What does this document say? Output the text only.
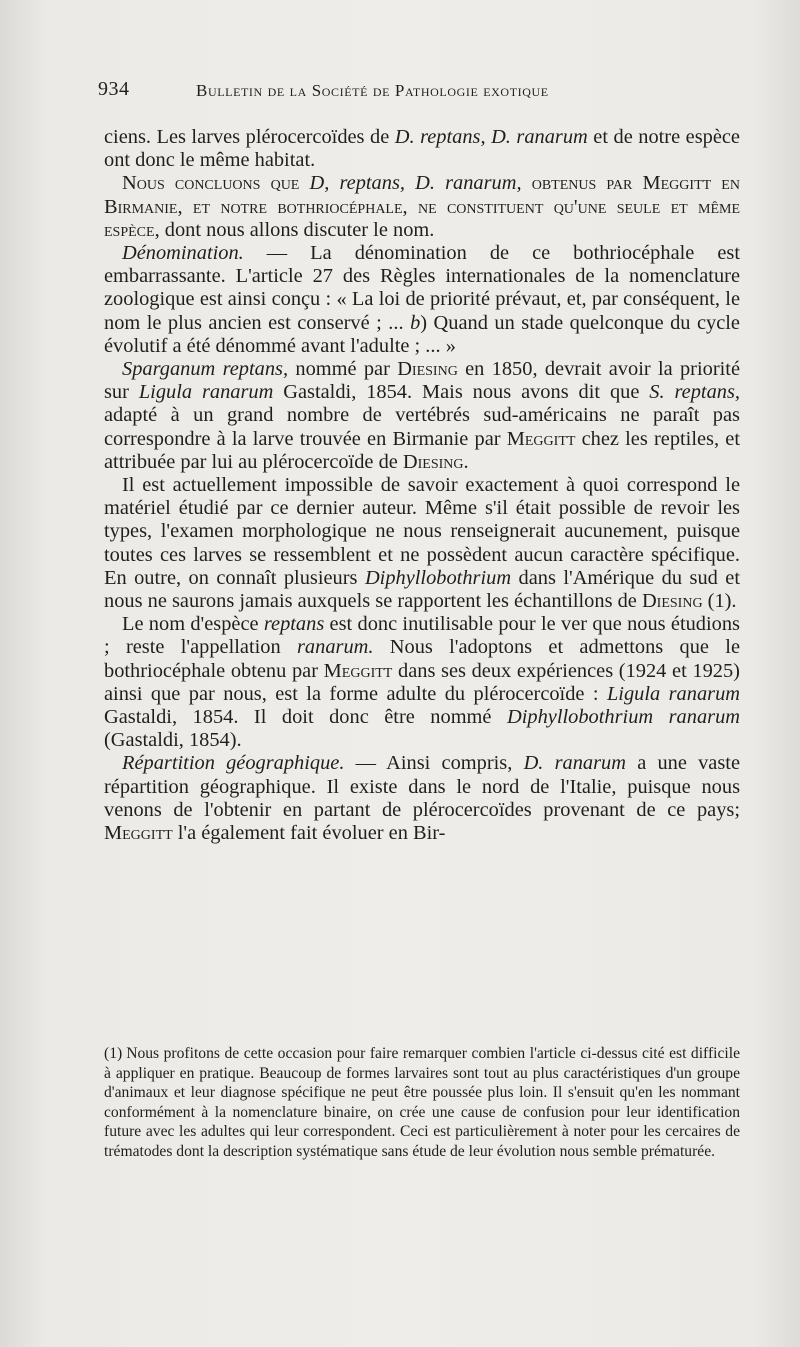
934	Bulletin de la Société de Pathologie exotique

ciens. Les larves plérocercoïdes de D. reptans, D. ranarum et de notre espèce ont donc le même habitat.

Nous concluons que D, reptans, D. ranarum, obtenus par Meggitt en Birmanie, et notre bothriocéphale, ne constituent qu'une seule et même espèce, dont nous allons discuter le nom.

Dénomination. — La dénomination de ce bothriocéphale est embarrassante. L'article 27 des Règles internationales de la nomenclature zoologique est ainsi conçu : « La loi de priorité prévaut, et, par conséquent, le nom le plus ancien est conservé ; ... b) Quand un stade quelconque du cycle évolutif a été dénommé avant l'adulte ; ... »

Sparganum reptans, nommé par Diesing en 1850, devrait avoir la priorité sur Ligula ranarum Gastaldi, 1854. Mais nous avons dit que S. reptans, adapté à un grand nombre de vertébrés sud-américains ne paraît pas correspondre à la larve trouvée en Birmanie par Meggitt chez les reptiles, et attribuée par lui au plérocercoïde de Diesing.

Il est actuellement impossible de savoir exactement à quoi correspond le matériel étudié par ce dernier auteur. Même s'il était possible de revoir les types, l'examen morphologique ne nous renseignerait aucunement, puisque toutes ces larves se ressemblent et ne possèdent aucun caractère spécifique. En outre, on connaît plusieurs Diphyllobothrium dans l'Amérique du sud et nous ne saurons jamais auxquels se rapportent les échantillons de Diesing (1).

Le nom d'espèce reptans est donc inutilisable pour le ver que nous étudions ; reste l'appellation ranarum. Nous l'adoptons et admettons que le bothriocéphale obtenu par Meggitt dans ses deux expériences (1924 et 1925) ainsi que par nous, est la forme adulte du plérocercoïde : Ligula ranarum Gastaldi, 1854. Il doit donc être nommé Diphyllobothrium ranarum (Gastaldi, 1854).

Répartition géographique. — Ainsi compris, D. ranarum a une vaste répartition géographique. Il existe dans le nord de l'Italie, puisque nous venons de l'obtenir en partant de plérocercoïdes provenant de ce pays; Meggitt l'a également fait évoluer en Bir-

(1) Nous profitons de cette occasion pour faire remarquer combien l'article ci-dessus cité est difficile à appliquer en pratique. Beaucoup de formes larvaires sont tout au plus caractéristiques d'un groupe d'animaux et leur diagnose spécifique ne peut être poussée plus loin. Il s'ensuit qu'en les nommant conformément à la nomenclature binaire, on crée une cause de confusion pour leur identification future avec les adultes qui leur correspondent. Ceci est particulièrement à noter pour les cercaires de trématodes dont la description systématique sans étude de leur évolution nous semble prématurée.
